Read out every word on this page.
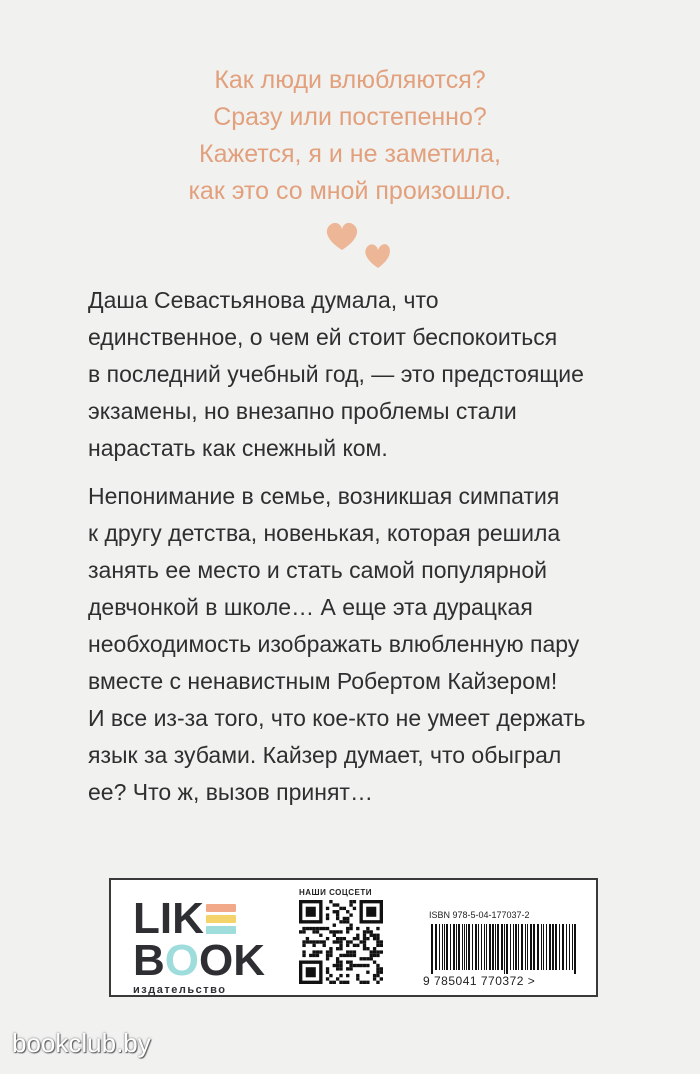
Как люди влюбляются?
Сразу или постепенно?
Кажется, я и не заметила,
как это со мной произошло.
Даша Севастьянова думала, что
единственное, о чем ей стоит беспокоиться
в последний учебный год, — это предстоящие
экзамены, но внезапно проблемы стали
нарастать как снежный ком.
Непонимание в семье, возникшая симпатия
к другу детства, новенькая, которая решила
занять ее место и стать самой популярной
девчонкой в школе… А еще эта дурацкая
необходимость изображать влюбленную пару
вместе с ненавистным Робертом Кайзером!
И все из-за того, что кое-кто не умеет держать
язык за зубами. Кайзер думает, что обыграл
ее? Что ж, вызов принят…
LIK
B O O K
издательство
НАШИ СОЦСЕТИ
ISBN 978-5-04-177037-2
9 785041 770372 >
bookclub.by
